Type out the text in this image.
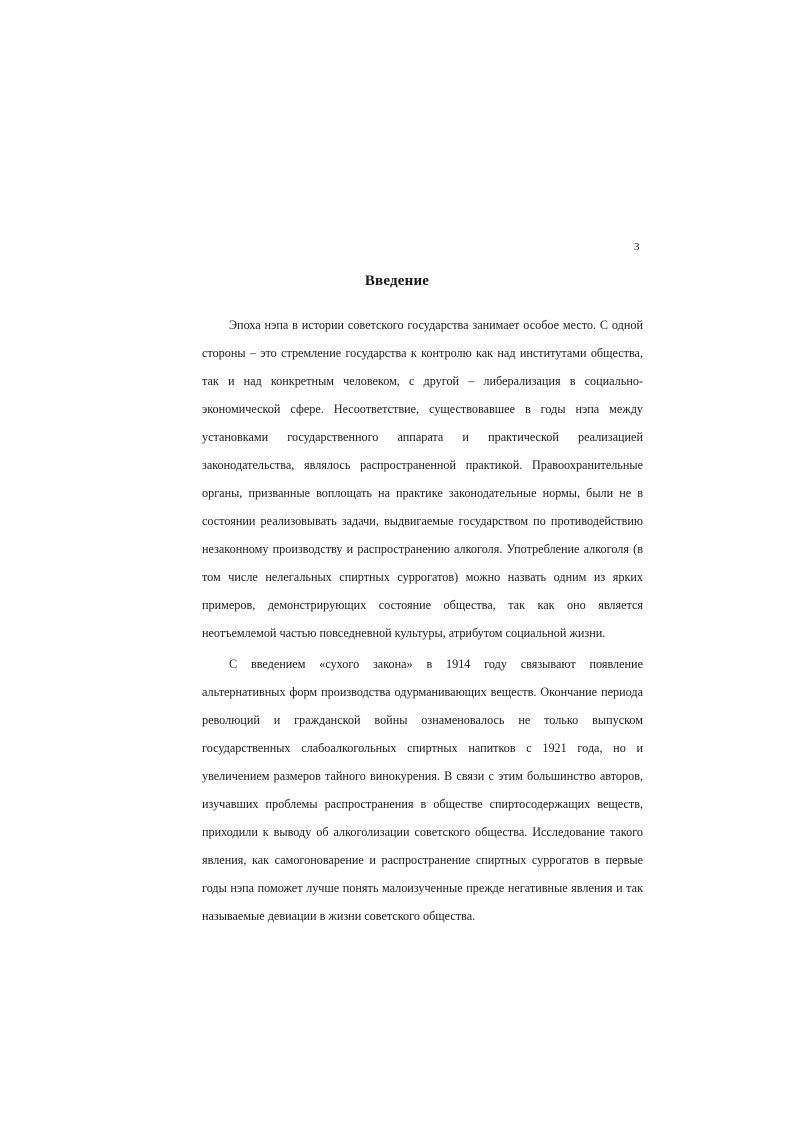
3
Введение

Эпоха нэпа в истории советского государства занимает особое место. С одной стороны – это стремление государства к контролю как над институтами общества, так и над конкретным человеком, с другой – либерализация в социально-экономической сфере. Несоответствие, существовавшее в годы нэпа между установками государственного аппарата и практической реализацией законодательства, являлось распространенной практикой. Правоохранительные органы, призванные воплощать на практике законодательные нормы, были не в состоянии реализовывать задачи, выдвигаемые государством по противодействию незаконному производству и распространению алкоголя. Употребление алкоголя (в том числе нелегальных спиртных суррогатов) можно назвать одним из ярких примеров, демонстрирующих состояние общества, так как оно является неотъемлемой частью повседневной культуры, атрибутом социальной жизни.

С введением «сухого закона» в 1914 году связывают появление альтернативных форм производства одурманивающих веществ. Окончание периода революций и гражданской войны ознаменовалось не только выпуском государственных слабоалкогольных спиртных напитков с 1921 года, но и увеличением размеров тайного винокурения. В связи с этим большинство авторов, изучавших проблемы распространения в обществе спиртосодержащих веществ, приходили к выводу об алкоголизации советского общества. Исследование такого явления, как самогоноварение и распространение спиртных суррогатов в первые годы нэпа поможет лучше понять малоизученные прежде негативные явления и так называемые девиации в жизни советского общества.
